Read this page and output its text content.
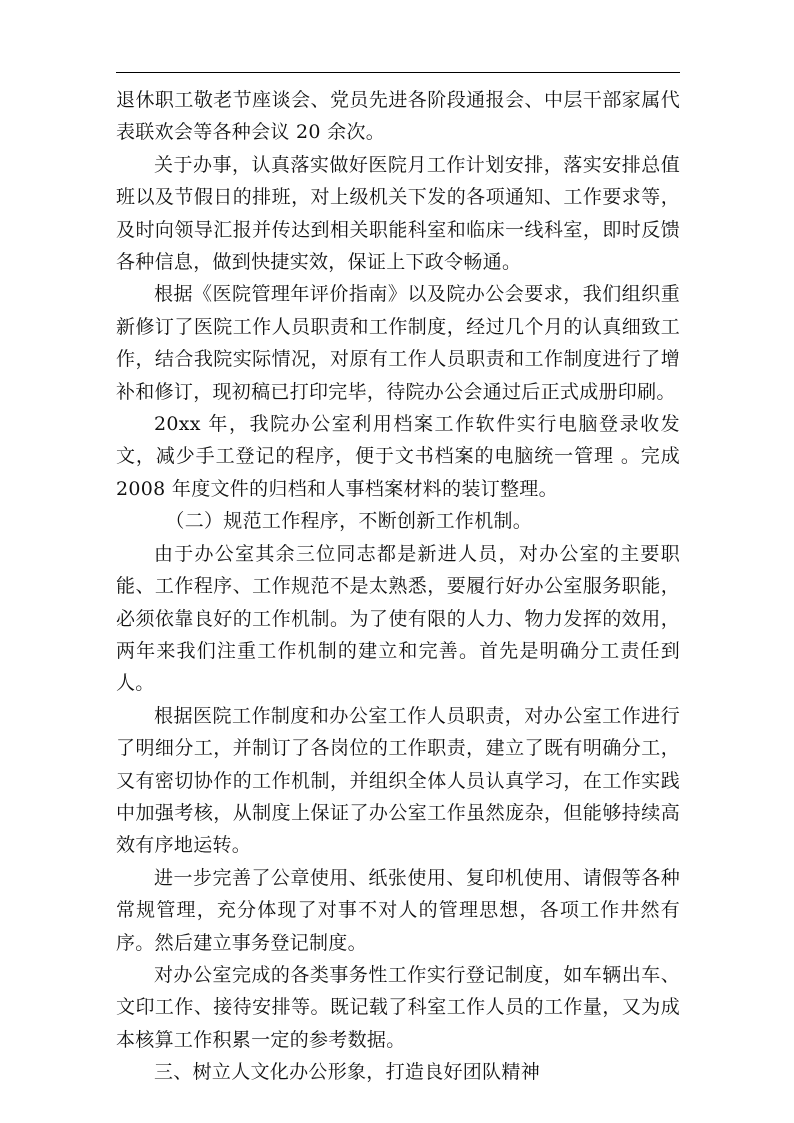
退休职工敬老节座谈会、党员先进各阶段通报会、中层干部家属代表联欢会等各种会议 20 余次。

关于办事，认真落实做好医院月工作计划安排，落实安排总值班以及节假日的排班，对上级机关下发的各项通知、工作要求等，及时向领导汇报并传达到相关职能科室和临床一线科室，即时反馈各种信息，做到快捷实效，保证上下政令畅通。

根据《医院管理年评价指南》以及院办公会要求，我们组织重新修订了医院工作人员职责和工作制度，经过几个月的认真细致工作，结合我院实际情况，对原有工作人员职责和工作制度进行了增补和修订，现初稿已打印完毕，待院办公会通过后正式成册印刷。

20xx 年，我院办公室利用档案工作软件实行电脑登录收发文，减少手工登记的程序，便于文书档案的电脑统一管理 。完成 2008 年度文件的归档和人事档案材料的装订整理。

（二）规范工作程序，不断创新工作机制。

由于办公室其余三位同志都是新进人员，对办公室的主要职能、工作程序、工作规范不是太熟悉，要履行好办公室服务职能，必须依靠良好的工作机制。为了使有限的人力、物力发挥的效用，两年来我们注重工作机制的建立和完善。首先是明确分工责任到人。

根据医院工作制度和办公室工作人员职责，对办公室工作进行了明细分工，并制订了各岗位的工作职责，建立了既有明确分工，又有密切协作的工作机制，并组织全体人员认真学习，在工作实践中加强考核，从制度上保证了办公室工作虽然庞杂，但能够持续高效有序地运转。

进一步完善了公章使用、纸张使用、复印机使用、请假等各种常规管理，充分体现了对事不对人的管理思想，各项工作井然有序。然后建立事务登记制度。

对办公室完成的各类事务性工作实行登记制度，如车辆出车、文印工作、接待安排等。既记载了科室工作人员的工作量，又为成本核算工作积累一定的参考数据。

三、树立人文化办公形象，打造良好团队精神
